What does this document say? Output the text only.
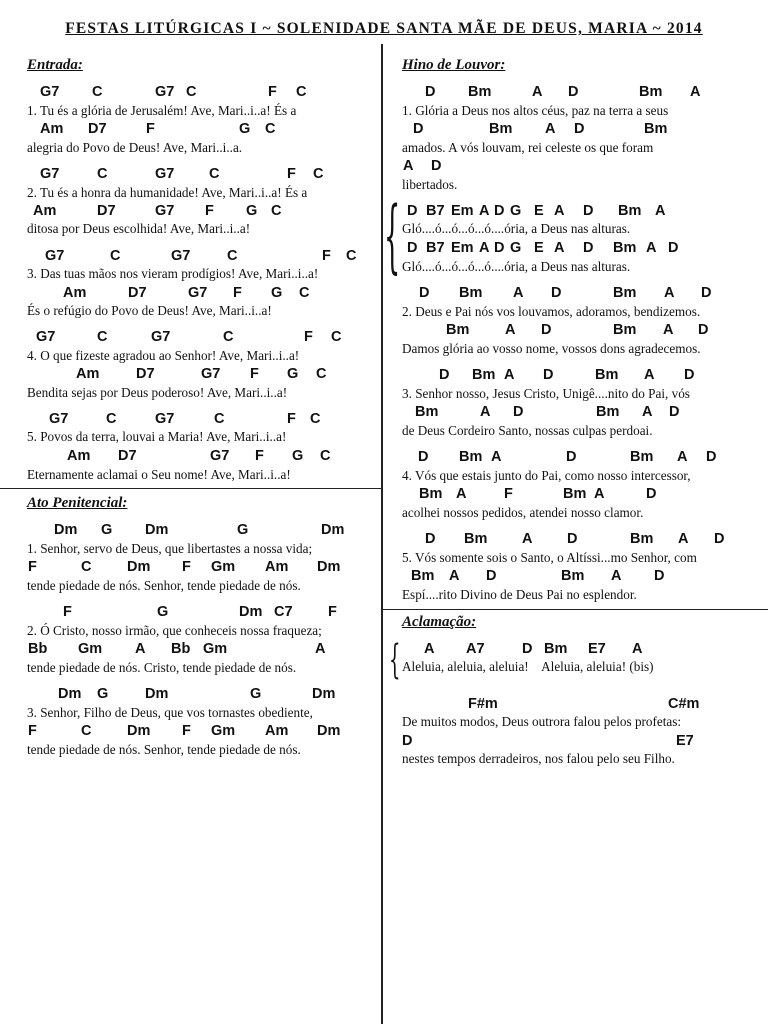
FESTAS LITÚRGICAS I ~ SOLENIDADE SANTA MÃE DE DEUS, MARIA ~ 2014
Entrada:
G7 C	G7 C	F C
1. Tu és a glória de Jerusalém! Ave, Mari..i..a! És a
Am D7	F	G C
alegria do Povo de Deus! Ave, Mari..i..a.
G7	C	G7 C	F C
2. Tu és a honra da humanidade! Ave, Mari..i..a! És a
Am	D7	G7 F G C
ditosa por Deus escolhida! Ave, Mari..i..a!
G7	C	G7	C	F C
3. Das tuas mãos nos vieram prodígios! Ave, Mari..i..a!
Am	D7	G7 F G C
És o refúgio do Povo de Deus! Ave, Mari..i..a!
G7	C	G7	C	F C
4. O que fizeste agradou ao Senhor! Ave, Mari..i..a!
Am	D7	G7 F G C
Bendita sejas por Deus poderoso! Ave, Mari..i..a!
G7	C	G7	C	F C
5. Povos da terra, louvai a Maria! Ave, Mari..i..a!
Am D7	G7 F G C
Eternamente aclamai o Seu nome! Ave, Mari..i..a!
Ato Penitencial:
Dm G Dm	G	Dm
1. Senhor, servo de Deus, que libertastes a nossa vida;
F	C Dm F Gm Am Dm
tende piedade de nós. Senhor, tende piedade de nós.
F	G	Dm C7 F
2. Ó Cristo, nosso irmão, que conheceis nossa fraqueza;
Bb Gm A Bb Gm	A
tende piedade de nós. Cristo, tende piedade de nós.
Dm G	Dm	G	Dm
3. Senhor, Filho de Deus, que vos tornastes obediente,
F	C Dm F Gm Am Dm
tende piedade de nós. Senhor, tende piedade de nós.
Hino de Louvor:
D Bm	A D	Bm A
1. Glória a Deus nos altos céus, paz na terra a seus
D	Bm A D	Bm
amados. A vós louvam, rei celeste os que foram
A D
libertados.
{ D B7 Em A D G E A D Bm A
Gló....ó...ó...ó...ó....ória, a Deus nas alturas.
D B7 Em A D G E A D Bm A D
Gló....ó...ó...ó...ó....ória, a Deus nas alturas.
D Bm A D	Bm A D
2. Deus e Pai nós vos louvamos, adoramos, bendizemos.
Bm A D	Bm A D
Damos glória ao vosso nome, vossos dons agradecemos.
D Bm A D	Bm A D
3. Senhor nosso, Jesus Cristo, Unigê....nito do Pai, vós
Bm	A D	Bm A D
de Deus Cordeiro Santo, nossas culpas perdoai.
D Bm A	D	Bm A D
4. Vós que estais junto do Pai, como nosso intercessor,
Bm A	F	Bm A	D
acolhei nossos pedidos, atendei nosso clamor.
D Bm A D	Bm A D
5. Vós somente sois o Santo, o Altíssi...mo Senhor, com
Bm A D	Bm A D
Espí....rito Divino de Deus Pai no esplendor.
Aclamação:
{ A A7	D Bm E7 A
Aleluia, aleluia, aleluia!    Aleluia, aleluia! (bis)
F#m	C#m
De muitos modos, Deus outrora falou pelos profetas:
D	E7
nestes tempos derradeiros, nos falou pelo seu Filho.
